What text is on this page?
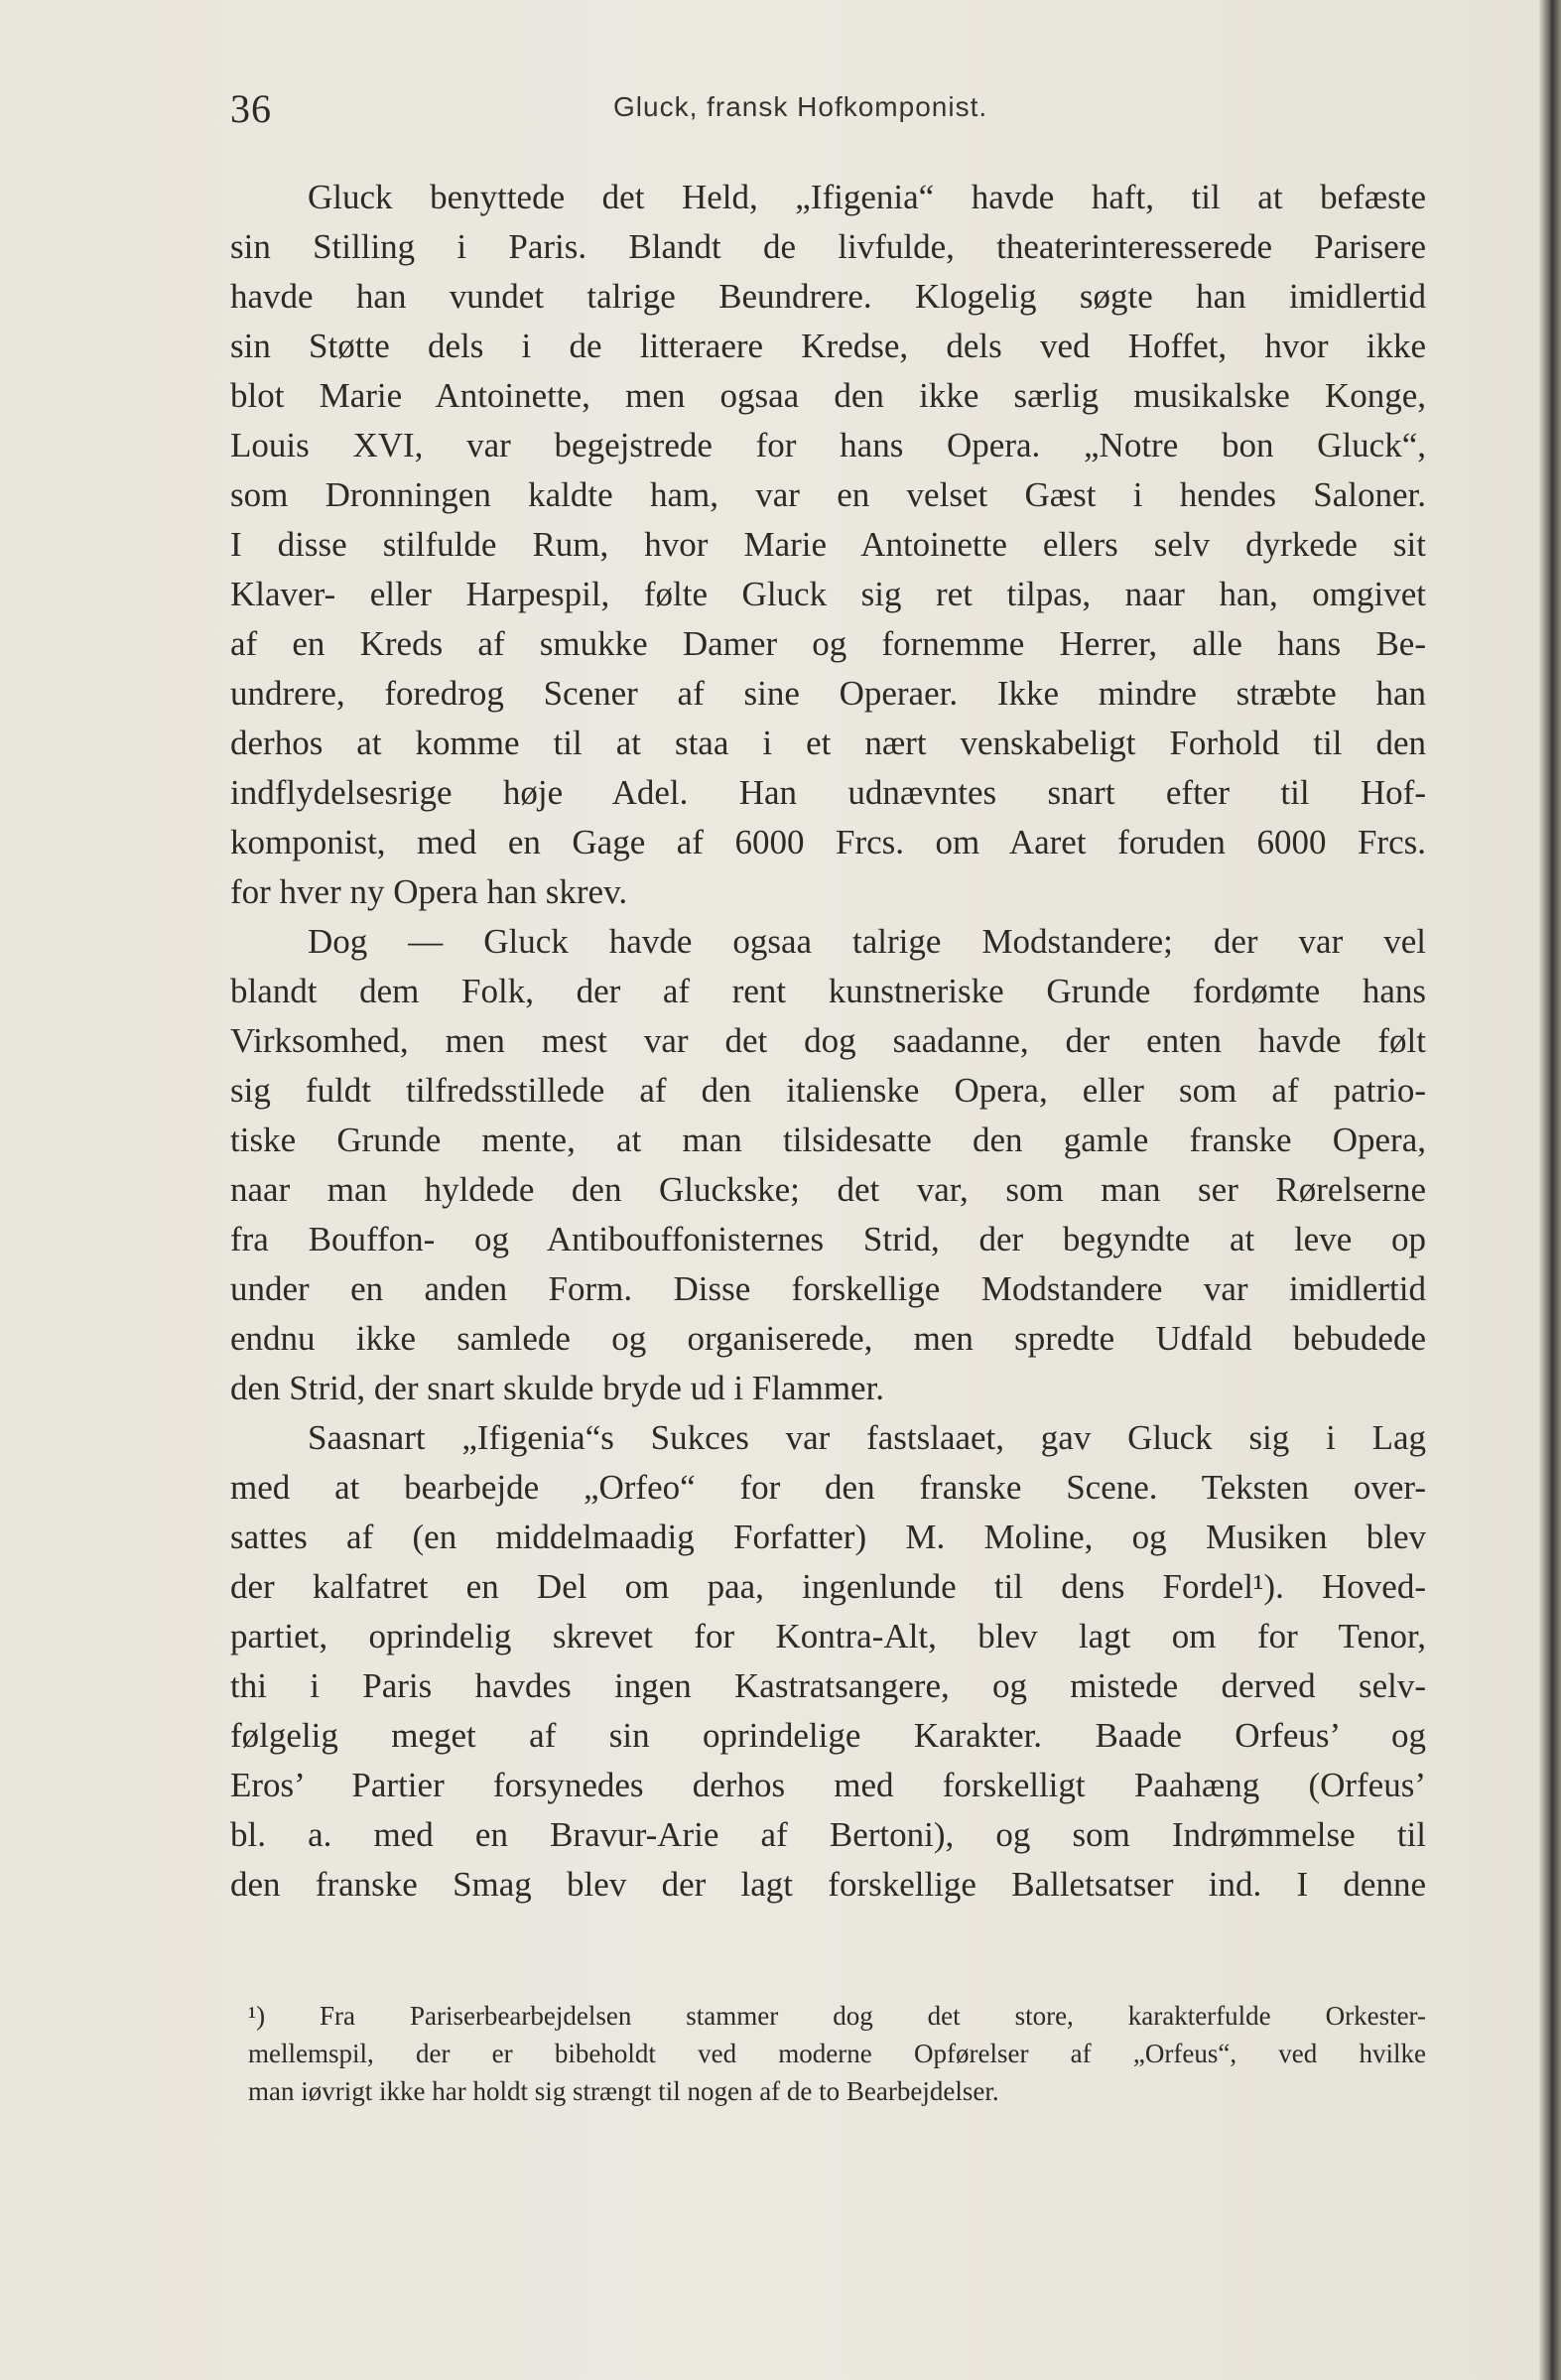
36	Gluck, fransk Hofkomponist.
Gluck benyttede det Held, „Ifigenia“ havde haft, til at befæste
sin Stilling i Paris. Blandt de livfulde, theaterinteresserede Parisere
havde han vundet talrige Beundrere. Klogelig søgte han imidlertid
sin Støtte dels i de litteraere Kredse, dels ved Hoffet, hvor ikke
blot Marie Antoinette, men ogsaa den ikke særlig musikalske Konge,
Louis XVI, var begejstrede for hans Opera. „Notre bon Gluck“,
som Dronningen kaldte ham, var en velset Gæst i hendes Saloner.
I disse stilfulde Rum, hvor Marie Antoinette ellers selv dyrkede sit
Klaver- eller Harpespil, følte Gluck sig ret tilpas, naar han, omgivet
af en Kreds af smukke Damer og fornemme Herrer, alle hans Be-
undrere, foredrog Scener af sine Operaer. Ikke mindre stræbte han
derhos at komme til at staa i et nært venskabeligt Forhold til den
indflydelsesrige høje Adel. Han udnævntes snart efter til Hof-
komponist, med en Gage af 6000 Frcs. om Aaret foruden 6000 Frcs.
for hver ny Opera han skrev.
Dog — Gluck havde ogsaa talrige Modstandere; der var vel
blandt dem Folk, der af rent kunstneriske Grunde fordømte hans
Virksomhed, men mest var det dog saadanne, der enten havde følt
sig fuldt tilfredsstillede af den italienske Opera, eller som af patrio-
tiske Grunde mente, at man tilsidesatte den gamle franske Opera,
naar man hyldede den Gluckske; det var, som man ser Rørelserne
fra Bouffon- og Antibouffonisternes Strid, der begyndte at leve op
under en anden Form. Disse forskellige Modstandere var imidlertid
endnu ikke samlede og organiserede, men spredte Udfald bebudede
den Strid, der snart skulde bryde ud i Flammer.
Saasnart „Ifigenia“s Sukces var fastslaaet, gav Gluck sig i Lag
med at bearbejde „Orfeo“ for den franske Scene. Teksten over-
sattes af (en middelmaadig Forfatter) M. Moline, og Musiken blev
der kalfatret en Del om paa, ingenlunde til dens Fordel¹). Hoved-
partiet, oprindelig skrevet for Kontra-Alt, blev lagt om for Tenor,
thi i Paris havdes ingen Kastratsangere, og mistede derved selv-
følgelig meget af sin oprindelige Karakter. Baade Orfeus’ og
Eros’ Partier forsynedes derhos med forskelligt Paahæng (Orfeus’
bl. a. med en Bravur-Arie af Bertoni), og som Indrømmelse til
den franske Smag blev der lagt forskellige Balletsatser ind. I denne
¹) Fra Pariserbearbejdelsen stammer dog det store, karakterfulde Orkester-
mellemspil, der er bibeholdt ved moderne Opførelser af „Orfeus“, ved hvilke
man iøvrigt ikke har holdt sig strængt til nogen af de to Bearbejdelser.
